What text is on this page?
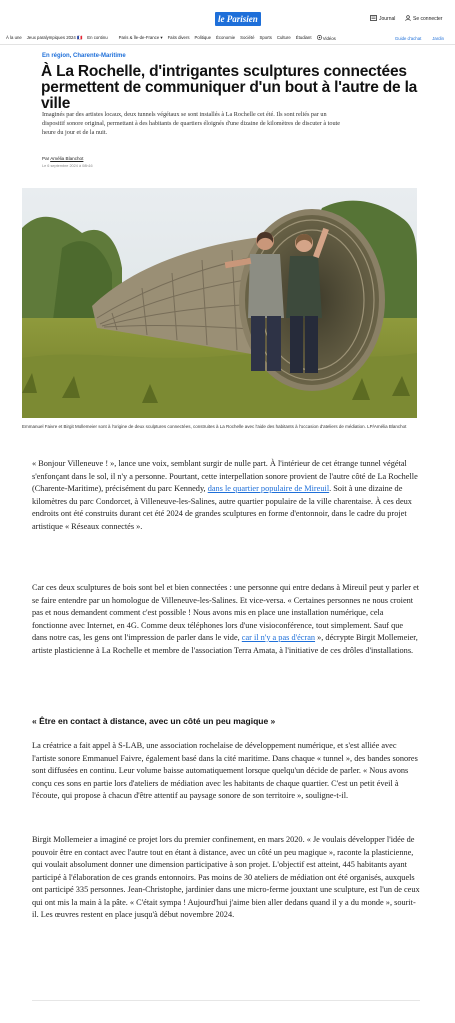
le Parisien	Journal	Se connecter
À la une Jeux paralympiques 2024 🇫🇷 En continu	Paris & Île-de-France ▾ Faits divers Politique Économie Société Sports Culture Étudiant	Vidéos	Guide d'achat	Jardin
En région, Charente-Maritime
À La Rochelle, d'intrigantes sculptures connectées permettent de communiquer d'un bout à l'autre de la ville

Imaginés par des artistes locaux, deux tunnels végétaux se sont installés à La Rochelle cet été. Ils sont reliés par un dispositif sonore original, permettant à des habitants de quartiers éloignés d'une dizaine de kilomètres de discuter à toute heure du jour et de la nuit.

Par Amélia Blanchot
Le 6 septembre 2024 à 08h16

Emmanuel Faivre et Birgit Mollemeier sont à l'origine de deux sculptures connectées, construites à La Rochelle avec l'aide des habitants à l'occasion d'ateliers de médiation. LP/Amélia Blanchot

« Bonjour Villeneuve ! », lance une voix, semblant surgir de nulle part. À l'intérieur de cet étrange tunnel végétal s'enfonçant dans le sol, il n'y a personne. Pourtant, cette interpellation sonore provient de l'autre côté de La Rochelle (Charente-Maritime), précisément du parc Kennedy, dans le quartier populaire de Mireuil. Soit à une dizaine de kilomètres du parc Condorcet, à Villeneuve-les-Salines, autre quartier populaire de la ville charentaise. À ces deux endroits ont été construits durant cet été 2024 de grandes sculptures en forme d'entonnoir, dans le cadre du projet artistique « Réseaux connectés ».

Car ces deux sculptures de bois sont bel et bien connectées : une personne qui entre dedans à Mireuil peut y parler et se faire entendre par un homologue de Villeneuve-les-Salines. Et vice-versa. « Certaines personnes ne nous croient pas et nous demandent comment c'est possible ! Nous avons mis en place une installation numérique, cela fonctionne avec Internet, en 4G. Comme deux téléphones lors d'une visioconférence, tout simplement. Sauf que dans notre cas, les gens ont l'impression de parler dans le vide, car il n'y a pas d'écran », décrypte Birgit Mollemeier, artiste plasticienne à La Rochelle et membre de l'association Terra Amata, à l'initiative de ces drôles d'installations.

« Être en contact à distance, avec un côté un peu magique »

La créatrice a fait appel à S-LAB, une association rochelaise de développement numérique, et s'est alliée avec l'artiste sonore Emmanuel Faivre, également basé dans la cité maritime. Dans chaque « tunnel », des bandes sonores sont diffusées en continu. Leur volume baisse automatiquement lorsque quelqu'un décide de parler. « Nous avons conçu ces sons en partie lors d'ateliers de médiation avec les habitants de chaque quartier. C'est un petit éveil à l'écoute, qui propose à chacun d'être attentif au paysage sonore de son territoire », souligne-t-il.

Birgit Mollemeier a imaginé ce projet lors du premier confinement, en mars 2020. « Je voulais développer l'idée de pouvoir être en contact avec l'autre tout en étant à distance, avec un côté un peu magique », raconte la plasticienne, qui voulait absolument donner une dimension participative à son projet. L'objectif est atteint, 445 habitants ayant participé à l'élaboration de ces grands entonnoirs. Pas moins de 30 ateliers de médiation ont été organisés, auxquels ont participé 335 personnes. Jean-Christophe, jardinier dans une micro-ferme jouxtant une sculpture, est l'un de ceux qui ont mis la main à la pâte. « C'était sympa ! Aujourd'hui j'aime bien aller dedans quand il y a du monde », sourit-il. Les œuvres restent en place jusqu'à début novembre 2024.
